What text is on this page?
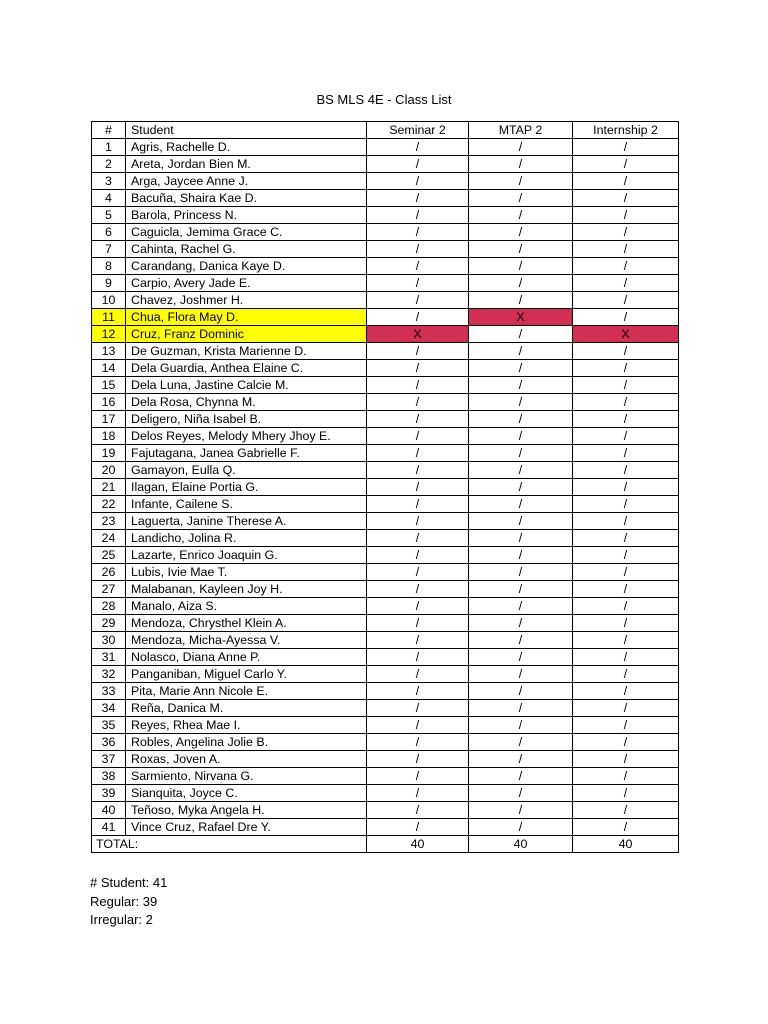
BS MLS 4E - Class List
#	Student	Seminar 2	MTAP 2	Internship 2
1	Agris, Rachelle D.	/	/	/
2	Areta, Jordan Bien M.	/	/	/
3	Arga, Jaycee Anne J.	/	/	/
4	Bacuña, Shaira Kae D.	/	/	/
5	Barola, Princess N.	/	/	/
6	Caguicla, Jemima Grace C.	/	/	/
7	Cahinta, Rachel G.	/	/	/
8	Carandang, Danica Kaye D.	/	/	/
9	Carpio, Avery Jade E.	/	/	/
10	Chavez, Joshmer H.	/	/	/
11	Chua, Flora May D.	/	X	/
12	Cruz, Franz Dominic	X	/	X
13	De Guzman, Krista Marienne D.	/	/	/
14	Dela Guardia, Anthea Elaine C.	/	/	/
15	Dela Luna, Jastine Calcie M.	/	/	/
16	Dela Rosa, Chynna M.	/	/	/
17	Deligero, Niña Isabel B.	/	/	/
18	Delos Reyes, Melody Mhery Jhoy E.	/	/	/
19	Fajutagana, Janea Gabrielle F.	/	/	/
20	Gamayon, Eulla Q.	/	/	/
21	Ilagan, Elaine Portia G.	/	/	/
22	Infante, Cailene S.	/	/	/
23	Laguerta, Janine Therese A.	/	/	/
24	Landicho, Jolina R.	/	/	/
25	Lazarte, Enrico Joaquin G.	/	/	/
26	Lubis, Ivie Mae T.	/	/	/
27	Malabanan, Kayleen Joy H.	/	/	/
28	Manalo, Aiza S.	/	/	/
29	Mendoza, Chrysthel Klein A.	/	/	/
30	Mendoza, Micha-Ayessa V.	/	/	/
31	Nolasco, Diana Anne P.	/	/	/
32	Panganiban, Miguel Carlo Y.	/	/	/
33	Pita, Marie Ann Nicole E.	/	/	/
34	Reña, Danica M.	/	/	/
35	Reyes, Rhea Mae I.	/	/	/
36	Robles, Angelina Jolie B.	/	/	/
37	Roxas, Joven A.	/	/	/
38	Sarmiento, Nirvana G.	/	/	/
39	Sianquita, Joyce C.	/	/	/
40	Teñoso, Myka Angela H.	/	/	/
41	Vince Cruz, Rafael Dre Y.	/	/	/
TOTAL:		40	40	40
# Student: 41
Regular: 39
Irregular: 2
